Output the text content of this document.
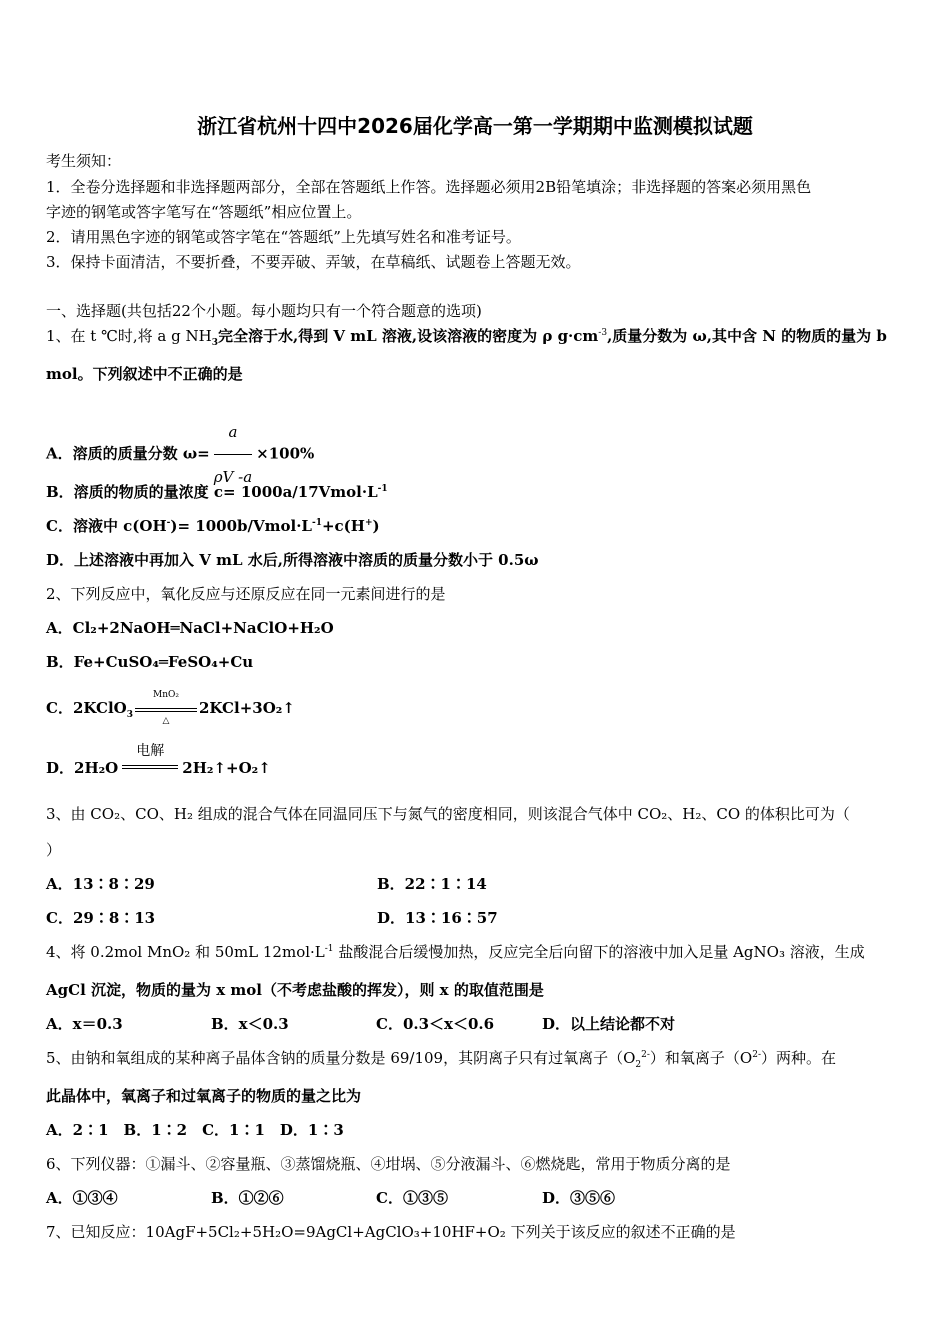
浙江省杭州十四中2026届化学高一第一学期期中监测模拟试题
考生须知：
1．全卷分选择题和非选择题两部分，全部在答题纸上作答。选择题必须用2B铅笔填涂；非选择题的答案必须用黑色
字迹的钢笔或答字笔写在“答题纸”相应位置上。
2．请用黑色字迹的钢笔或答字笔在“答题纸”上先填写姓名和准考证号。
3．保持卡面清洁，不要折叠，不要弄破、弄皱，在草稿纸、试题卷上答题无效。
一、选择题(共包括22个小题。每小题均只有一个符合题意的选项)
1、在 t ℃时,将 a g $NH_3$完全溶于水,得到 V mL 溶液,设该溶液的密度为 ρ $g\cdot cm^{-3}$,质量分数为 ω,其中含 N 的物质的量为 b
mol。下列叙述中不正确的是
A．溶质的质量分数 $\omega= \frac{a}{\rho V -a} \times 100\%$
B．溶质的物质的量浓度 $c= 1000a/17Vmol\cdot L^{-1}$
C．溶液中 $c(OH^-)= 1000b/Vmol\cdot L^{-1}+c(H^+)$
D．上述溶液中再加入 V mL 水后,所得溶液中溶质的质量分数小于 0.5ω
2、下列反应中，氧化反应与还原反应在同一元素间进行的是
A．Cl₂+2NaOH═NaCl+NaClO+H₂O
B．Fe+CuSO₄═FeSO₄+Cu
C．2KClO$_3$
MnO₂
△
2KCl+3O₂↑
D．2H₂O
电解
2H₂↑+O₂↑
3、由 CO₂、CO、H₂ 组成的混合气体在同温同压下与氮气的密度相同，则该混合气体中 CO₂、H₂、CO 的体积比可为（
）
A．13∶8∶29	B．22∶1∶14
C．29∶8∶13	D．13∶16∶57
4、将 0.2mol MnO₂ 和 50mL $12mol\cdot L^{-1}$ 盐酸混合后缓慢加热，反应完全后向留下的溶液中加入足量 AgNO₃ 溶液，生成
AgCl 沉淀，物质的量为 x mol（不考虑盐酸的挥发），则 x 的取值范围是
A．x＝0.3	B．x＜0.3	C．0.3＜x＜0.6	D．以上结论都不对
5、由钠和氧组成的某种离子晶体含钠的质量分数是 69/109，其阴离子只有过氧离子$(O_2^{2-})$和氧离子$(O^{2-})$两种。在
此晶体中，氧离子和过氧离子的物质的量之比为
A．2∶1　B．1∶2　C．1∶1　D．1∶3
6、下列仪器：①漏斗、②容量瓶、③蒸馏烧瓶、④坩埚、⑤分液漏斗、⑥燃烧匙，常用于物质分离的是
A．①③④	B．①②⑥	C．①③⑤	D．③⑤⑥
7、已知反应：10AgF+5Cl₂+5H₂O=9AgCl+AgClO₃+10HF+O₂ 下列关于该反应的叙述不正确的是
